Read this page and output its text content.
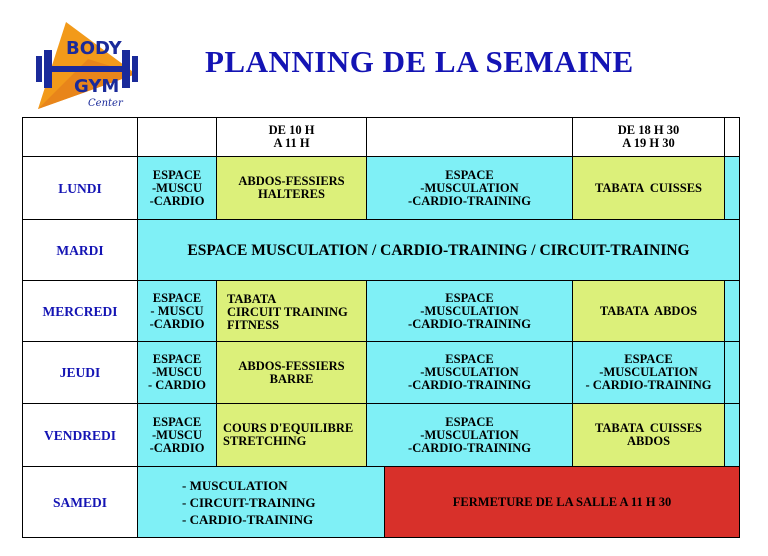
BODY
GYM
Center
PLANNING DE LA SEMAINE
DE 10 H
A 11 H
DE 18 H 30
A 19 H 30
LUNDI
ESPACE
-MUSCU
-CARDIO
ABDOS-FESSIERS
HALTERES
ESPACE
-MUSCULATION
-CARDIO-TRAINING
TABATA  CUISSES
MARDI	ESPACE MUSCULATION / CARDIO-TRAINING / CIRCUIT-TRAINING
MERCREDI
ESPACE
- MUSCU
-CARDIO
TABATA
CIRCUIT TRAINING
FITNESS
ESPACE
-MUSCULATION
-CARDIO-TRAINING
TABATA  ABDOS
JEUDI
ESPACE
-MUSCU
- CARDIO
ABDOS-FESSIERS
BARRE
ESPACE
-MUSCULATION
-CARDIO-TRAINING
ESPACE
-MUSCULATION
- CARDIO-TRAINING
VENDREDI
ESPACE
-MUSCU
-CARDIO
COURS D'EQUILIBRE
STRETCHING
ESPACE
-MUSCULATION
-CARDIO-TRAINING
TABATA  CUISSES
ABDOS
SAMEDI
- MUSCULATION
- CIRCUIT-TRAINING
- CARDIO-TRAINING
FERMETURE DE LA SALLE A 11 H 30
